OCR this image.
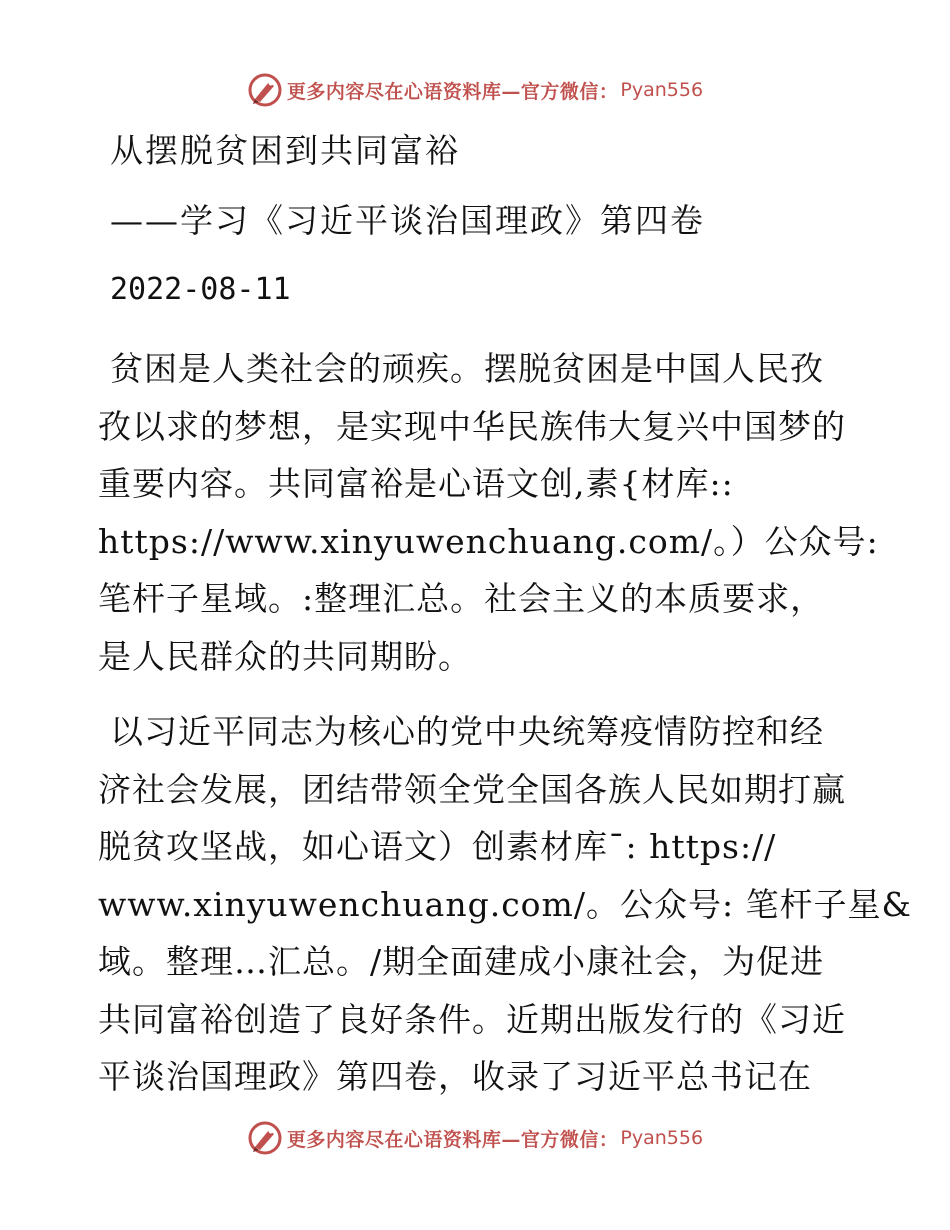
更多内容尽在心语资料库—官方微信： Pyan556
从摆脱贫困到共同富裕
——学习《习近平谈治国理政》第四卷
2022-08-11
贫困是人类社会的顽疾。摆脱贫困是中国人民孜
孜以求的梦想，是实现中华民族伟大复兴中国梦的
重要内容。共同富裕是心语文创,素{材库::
https://www.xinyuwenchuang.com/。）公众号:
笔杆子星域。:整理汇总。社会主义的本质要求，
是人民群众的共同期盼。
以习近平同志为核心的党中央统筹疫情防控和经
济社会发展，团结带领全党全国各族人民如期打赢
脱贫攻坚战，如心语文）创素材库¯: https://
www.xinyuwenchuang.com/。公众号: 笔杆子星&
域。整理…汇总。/期全面建成小康社会，为促进
共同富裕创造了良好条件。近期出版发行的《习近
平谈治国理政》第四卷，收录了习近平总书记在
更多内容尽在心语资料库—官方微信： Pyan556
